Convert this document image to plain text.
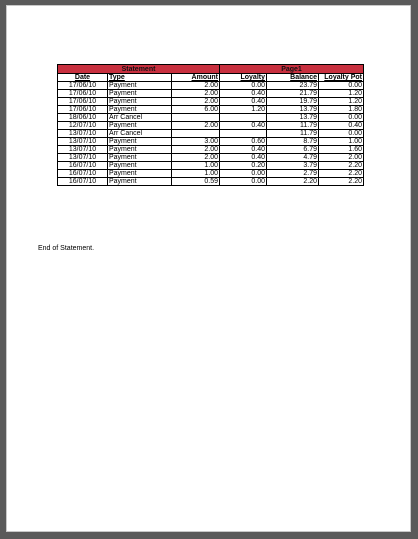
Statement			Page1		
Date	Type	Amount	Loyalty	Balance	Loyalty Pot
17/06/10	Payment	2.00	0.00	23.79	0.00
17/06/10	Payment	2.00	0.40	21.79	1.20
17/06/10	Payment	2.00	0.40	19.79	1.20
17/06/10	Payment	6.00	1.20	13.79	1.80
18/06/10	Arr Cancel			13.79	0.00
12/07/10	Payment	2.00	0.40	11.79	0.40
13/07/10	Arr Cancel			11.79	0.00
13/07/10	Payment	3.00	0.60	8.79	1.00
13/07/10	Payment	2.00	0.40	6.79	1.60
13/07/10	Payment	2.00	0.40	4.79	2.00
16/07/10	Payment	1.00	0.20	3.79	2.20
16/07/10	Payment	1.00	0.00	2.79	2.20
16/07/10	Payment	0.59	0.00	2.20	2.20
End of Statement.
